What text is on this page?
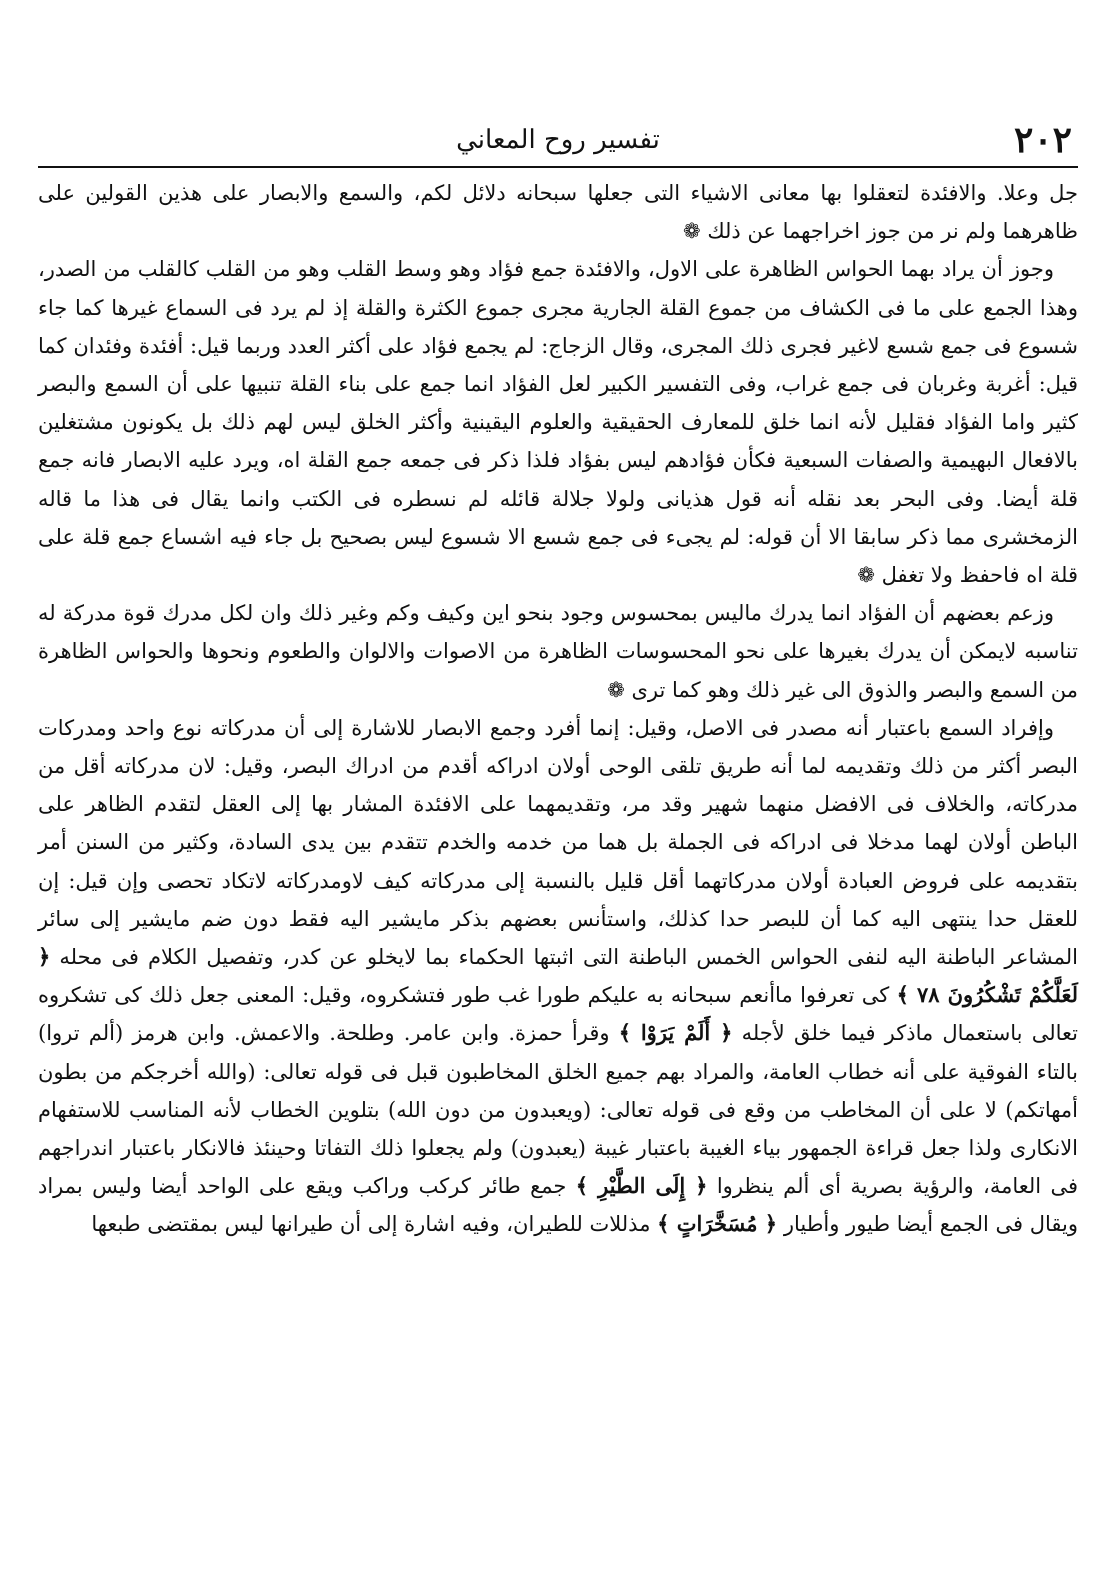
٢٠٢
تفسير روح المعاني

جل وعلا. والافئدة لتعقلوا بها معانى الاشياء التى جعلها سبحانه دلائل لكم، والسمع والابصار على هذين القولين على ظاهرهما ولم نر من جوز اخراجهما عن ذلك ❁

وجوز أن يراد بهما الحواس الظاهرة على الاول، والافئدة جمع فؤاد وهو وسط القلب وهو من القلب كالقلب من الصدر، وهذا الجمع على ما فى الكشاف من جموع القلة الجارية مجرى جموع الكثرة والقلة إذ لم يرد فى السماع غيرها كما جاء شسوع فى جمع شسع لاغير فجرى ذلك المجرى، وقال الزجاج: لم يجمع فؤاد على أكثر العدد وربما قيل: أفئدة وفئدان كما قيل: أغربة وغربان فى جمع غراب، وفى التفسير الكبير لعل الفؤاد انما جمع على بناء القلة تنبيها على أن السمع والبصر كثير واما الفؤاد فقليل لأنه انما خلق للمعارف الحقيقية والعلوم اليقينية وأكثر الخلق ليس لهم ذلك بل يكونون مشتغلين بالافعال البهيمية والصفات السبعية فكأن فؤادهم ليس بفؤاد فلذا ذكر فى جمعه جمع القلة اه، ويرد عليه الابصار فانه جمع قلة أيضا. وفى البحر بعد نقله أنه قول هذيانى ولولا جلالة قائله لم نسطره فى الكتب وانما يقال فى هذا ما قاله الزمخشرى مما ذكر سابقا الا أن قوله: لم يجىء فى جمع شسع الا شسوع ليس بصحيح بل جاء فيه اشساع جمع قلة على قلة اه فاحفظ ولا تغفل ❁

وزعم بعضهم أن الفؤاد انما يدرك ماليس بمحسوس وجود بنحو اين وكيف وكم وغير ذلك وان لكل مدرك قوة مدركة له تناسبه لايمكن أن يدرك بغيرها على نحو المحسوسات الظاهرة من الاصوات والالوان والطعوم ونحوها والحواس الظاهرة من السمع والبصر والذوق الى غير ذلك وهو كما ترى ❁

وإفراد السمع باعتبار أنه مصدر فى الاصل، وقيل: إنما أفرد وجمع الابصار للاشارة إلى أن مدركاته نوع واحد ومدركات البصر أكثر من ذلك وتقديمه لما أنه طريق تلقى الوحى أولان ادراكه أقدم من ادراك البصر، وقيل: لان مدركاته أقل من مدركاته، والخلاف فى الافضل منهما شهير وقد مر، وتقديمهما على الافئدة المشار بها إلى العقل لتقدم الظاهر على الباطن أولان لهما مدخلا فى ادراكه فى الجملة بل هما من خدمه والخدم تتقدم بين يدى السادة، وكثير من السنن أمر بتقديمه على فروض العبادة أولان مدركاتهما أقل قليل بالنسبة إلى مدركاته كيف لاومدركاته لاتكاد تحصى وإن قيل: إن للعقل حدا ينتهى اليه كما أن للبصر حدا كذلك، واستأنس بعضهم بذكر مايشير اليه فقط دون ضم مايشير إلى سائر المشاعر الباطنة اليه لنفى الحواس الخمس الباطنة التى اثبتها الحكماء بما لايخلو عن كدر، وتفصيل الكلام فى محله ﴿ لَعَلَّكُمْ تَشْكُرُونَ ٧٨ ﴾ كى تعرفوا ماأنعم سبحانه به عليكم طورا غب طور فتشكروه، وقيل: المعنى جعل ذلك كى تشكروه تعالى باستعمال ماذكر فيما خلق لأجله ﴿ أَلَمْ يَرَوْا ﴾ وقرأ حمزة. وابن عامر. وطلحة. والاعمش. وابن هرمز (ألم تروا) بالتاء الفوقية على أنه خطاب العامة، والمراد بهم جميع الخلق المخاطبون قبل فى قوله تعالى: (والله أخرجكم من بطون أمهاتكم) لا على أن المخاطب من وقع فى قوله تعالى: (ويعبدون من دون الله) بتلوين الخطاب لأنه المناسب للاستفهام الانكارى ولذا جعل قراءة الجمهور بياء الغيبة باعتبار غيبة (يعبدون) ولم يجعلوا ذلك التفاتا وحينئذ فالانكار باعتبار اندراجهم فى العامة، والرؤية بصرية أى ألم ينظروا ﴿ إِلَى الطَّيْرِ ﴾ جمع طائر كركب وراكب ويقع على الواحد أيضا وليس بمراد ويقال فى الجمع أيضا طيور وأطيار ﴿ مُسَخَّرَاتٍ ﴾ مذللات للطيران، وفيه اشارة إلى أن طيرانها ليس بمقتضى طبعها
